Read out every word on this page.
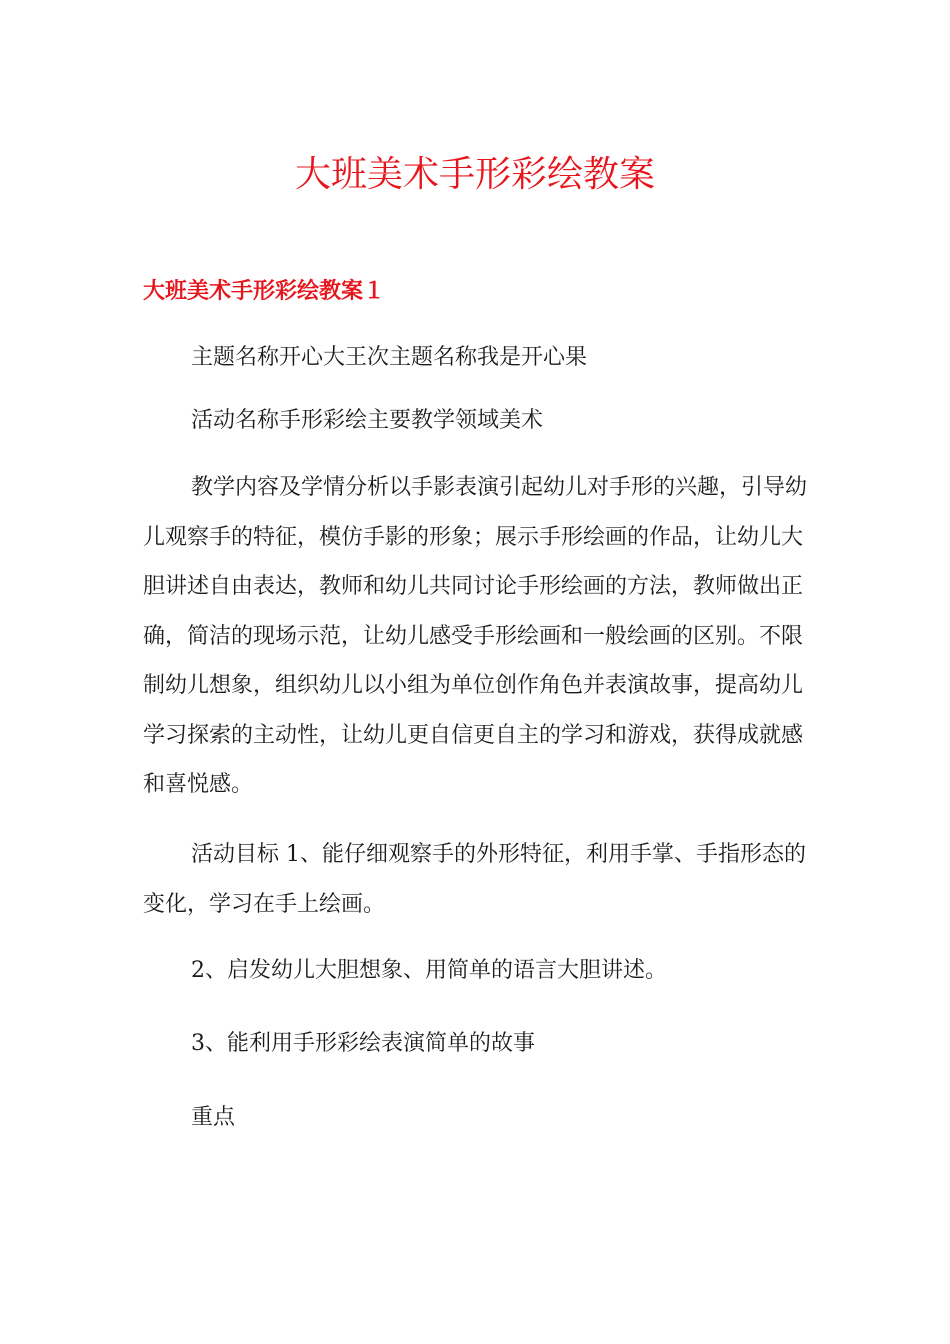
大班美术手形彩绘教案
大班美术手形彩绘教案１

主题名称开心大王次主题名称我是开心果

活动名称手形彩绘主要教学领域美术

教学内容及学情分析以手影表演引起幼儿对手形的兴趣，引导幼儿观察手的特征，模仿手影的形象；展示手形绘画的作品，让幼儿大胆讲述自由表达，教师和幼儿共同讨论手形绘画的方法，教师做出正确，简洁的现场示范，让幼儿感受手形绘画和一般绘画的区别。不限制幼儿想象，组织幼儿以小组为单位创作角色并表演故事，提高幼儿学习探索的主动性，让幼儿更自信更自主的学习和游戏，获得成就感和喜悦感。

活动目标 1、能仔细观察手的外形特征，利用手掌、手指形态的变化，学习在手上绘画。

2、启发幼儿大胆想象、用简单的语言大胆讲述。

3、能利用手形彩绘表演简单的故事

重点
